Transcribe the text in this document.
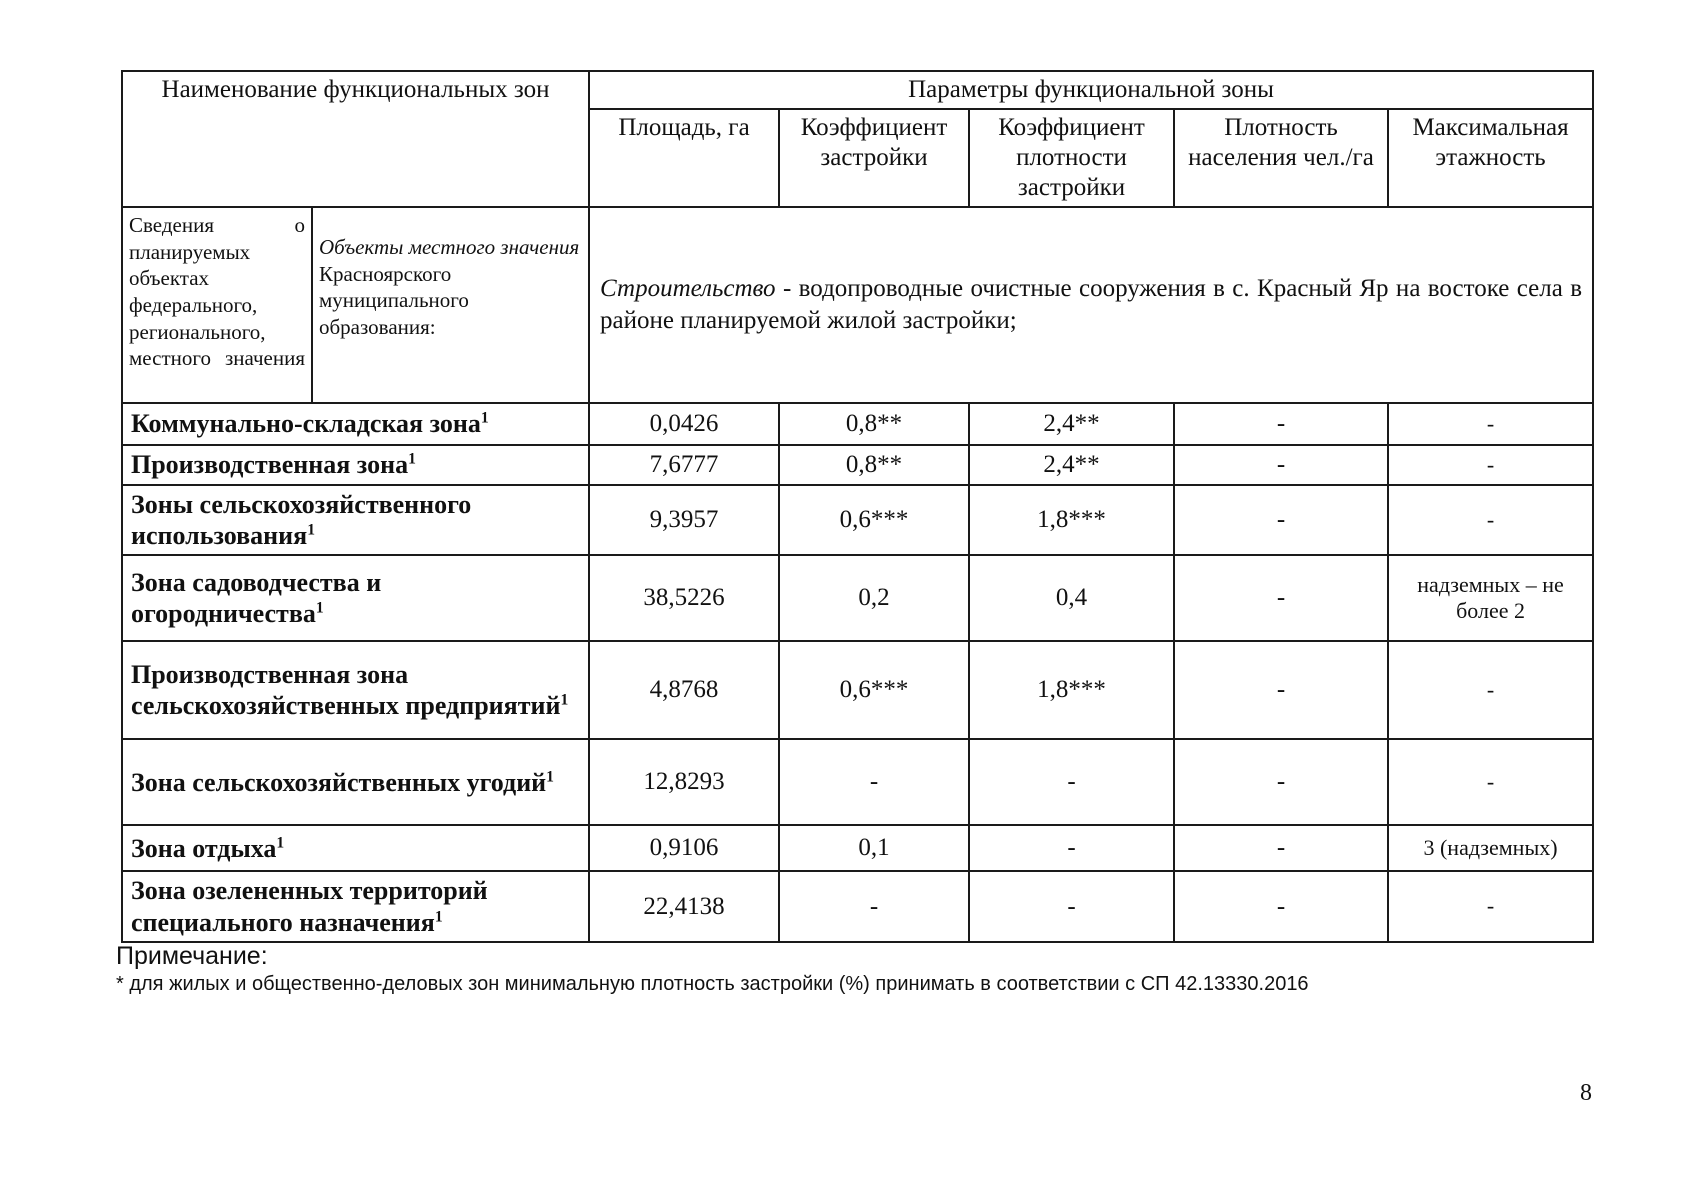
Наименование функциональных зон		Параметры функциональной зоны				
		Площадь, га	Коэффициент застройки	Коэффициент плотности застройки	Плотность населения чел./га	Максимальная этажность
Сведения о планируемых объектах федерального, регионального, местного значения	Объекты местного значения Красноярского муниципального образования:	Строительство - водопроводные очистные сооружения в с. Красный Яр на востоке села в районе планируемой жилой застройки;				
Коммунально-складская зона$^1$		0,0426	0,8**	2,4**	-	-
Производственная зона$^1$		7,6777	0,8**	2,4**	-	-
Зоны сельскохозяйственного использования$^1$		9,3957	0,6***	1,8***	-	-
Зона садоводчества и огородничества$^1$		38,5226	0,2	0,4	-	надземных – не более 2
Производственная зона сельскохозяйственных предприятий$^1$		4,8768	0,6***	1,8***	-	-
Зона сельскохозяйственных угодий$^1$		12,8293	-	-	-	-
Зона отдыха$^1$		0,9106	0,1	-	-	3 (надземных)
Зона озелененных территорий специального назначения$^1$		22,4138	-	-	-	-
Примечание:
* для жилых и общественно-деловых зон минимальную плотность застройки (%) принимать в соответствии с СП 42.13330.2016
8
